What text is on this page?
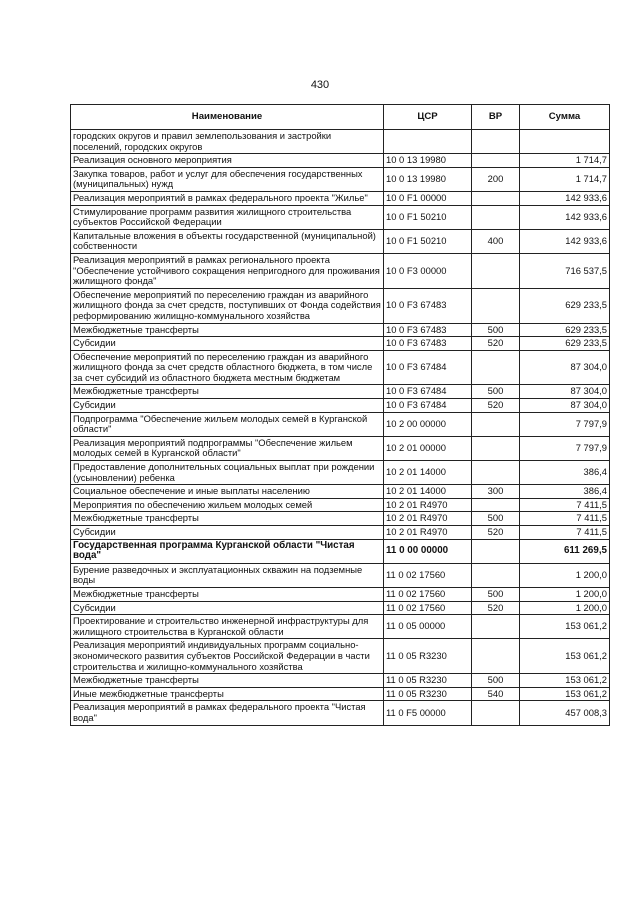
430
Наименование	ЦСР	ВР	Сумма
городских округов и правил землепользования и застройки поселений, городских округов			
Реализация основного мероприятия	10 0 13 19980		1 714,7
Закупка товаров, работ и услуг для обеспечения государственных (муниципальных) нужд	10 0 13 19980	200	1 714,7
Реализация мероприятий в рамках федерального проекта "Жилье"	10 0 F1 00000		142 933,6
Стимулирование программ развития жилищного строительства субъектов Российской Федерации	10 0 F1 50210		142 933,6
Капитальные вложения в объекты государственной (муниципальной) собственности	10 0 F1 50210	400	142 933,6
Реализация мероприятий в рамках регионального проекта "Обеспечение устойчивого сокращения непригодного для проживания жилищного фонда"	10 0 F3 00000		716 537,5
Обеспечение мероприятий по переселению граждан из аварийного жилищного фонда за счет средств, поступивших от Фонда содействия реформированию жилищно-коммунального хозяйства	10 0 F3 67483		629 233,5
Межбюджетные трансферты	10 0 F3 67483	500	629 233,5
Субсидии	10 0 F3 67483	520	629 233,5
Обеспечение мероприятий по переселению граждан из аварийного жилищного фонда за счет средств областного бюджета, в том числе за счет субсидий из областного бюджета местным бюджетам	10 0 F3 67484		87 304,0
Межбюджетные трансферты	10 0 F3 67484	500	87 304,0
Субсидии	10 0 F3 67484	520	87 304,0
Подпрограмма "Обеспечение жильем молодых семей в Курганской области"	10 2 00 00000		7 797,9
Реализация мероприятий подпрограммы "Обеспечение жильем молодых семей в Курганской области"	10 2 01 00000		7 797,9
Предоставление дополнительных социальных выплат при рождении (усыновлении) ребенка	10 2 01 14000		386,4
Социальное обеспечение и иные выплаты населению	10 2 01 14000	300	386,4
Мероприятия по обеспечению жильем молодых семей	10 2 01 R4970		7 411,5
Межбюджетные трансферты	10 2 01 R4970	500	7 411,5
Субсидии	10 2 01 R4970	520	7 411,5
Государственная программа Курганской области "Чистая вода"	11 0 00 00000		611 269,5
Бурение разведочных и эксплуатационных скважин на подземные воды	11 0 02 17560		1 200,0
Межбюджетные трансферты	11 0 02 17560	500	1 200,0
Субсидии	11 0 02 17560	520	1 200,0
Проектирование и строительство инженерной инфраструктуры для жилищного строительства в Курганской области	11 0 05 00000		153 061,2
Реализация мероприятий индивидуальных программ социально-экономического развития субъектов Российской Федерации в части строительства и жилищно-коммунального хозяйства	11 0 05 R3230		153 061,2
Межбюджетные трансферты	11 0 05 R3230	500	153 061,2
Иные межбюджетные трансферты	11 0 05 R3230	540	153 061,2
Реализация мероприятий в рамках федерального проекта "Чистая вода"	11 0 F5 00000		457 008,3
